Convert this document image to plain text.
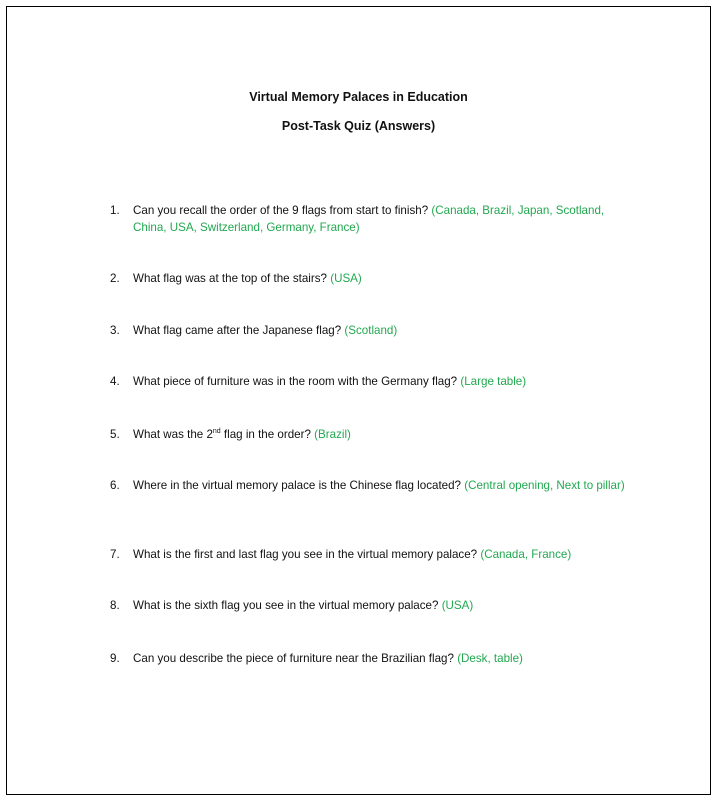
Virtual Memory Palaces in Education

Post-Task Quiz (Answers)

1.	Can you recall the order of the 9 flags from start to finish? (Canada, Brazil, Japan, Scotland, China, USA, Switzerland, Germany, France)
2.	What flag was at the top of the stairs? (USA)
3.	What flag came after the Japanese flag? (Scotland)
4.	What piece of furniture was in the room with the Germany flag? (Large table)
5.	What was the 2nd flag in the order? (Brazil)
6.	Where in the virtual memory palace is the Chinese flag located? (Central opening, Next to pillar)
7.	What is the first and last flag you see in the virtual memory palace? (Canada, France)
8.	What is the sixth flag you see in the virtual memory palace? (USA)
9.	Can you describe the piece of furniture near the Brazilian flag? (Desk, table)
